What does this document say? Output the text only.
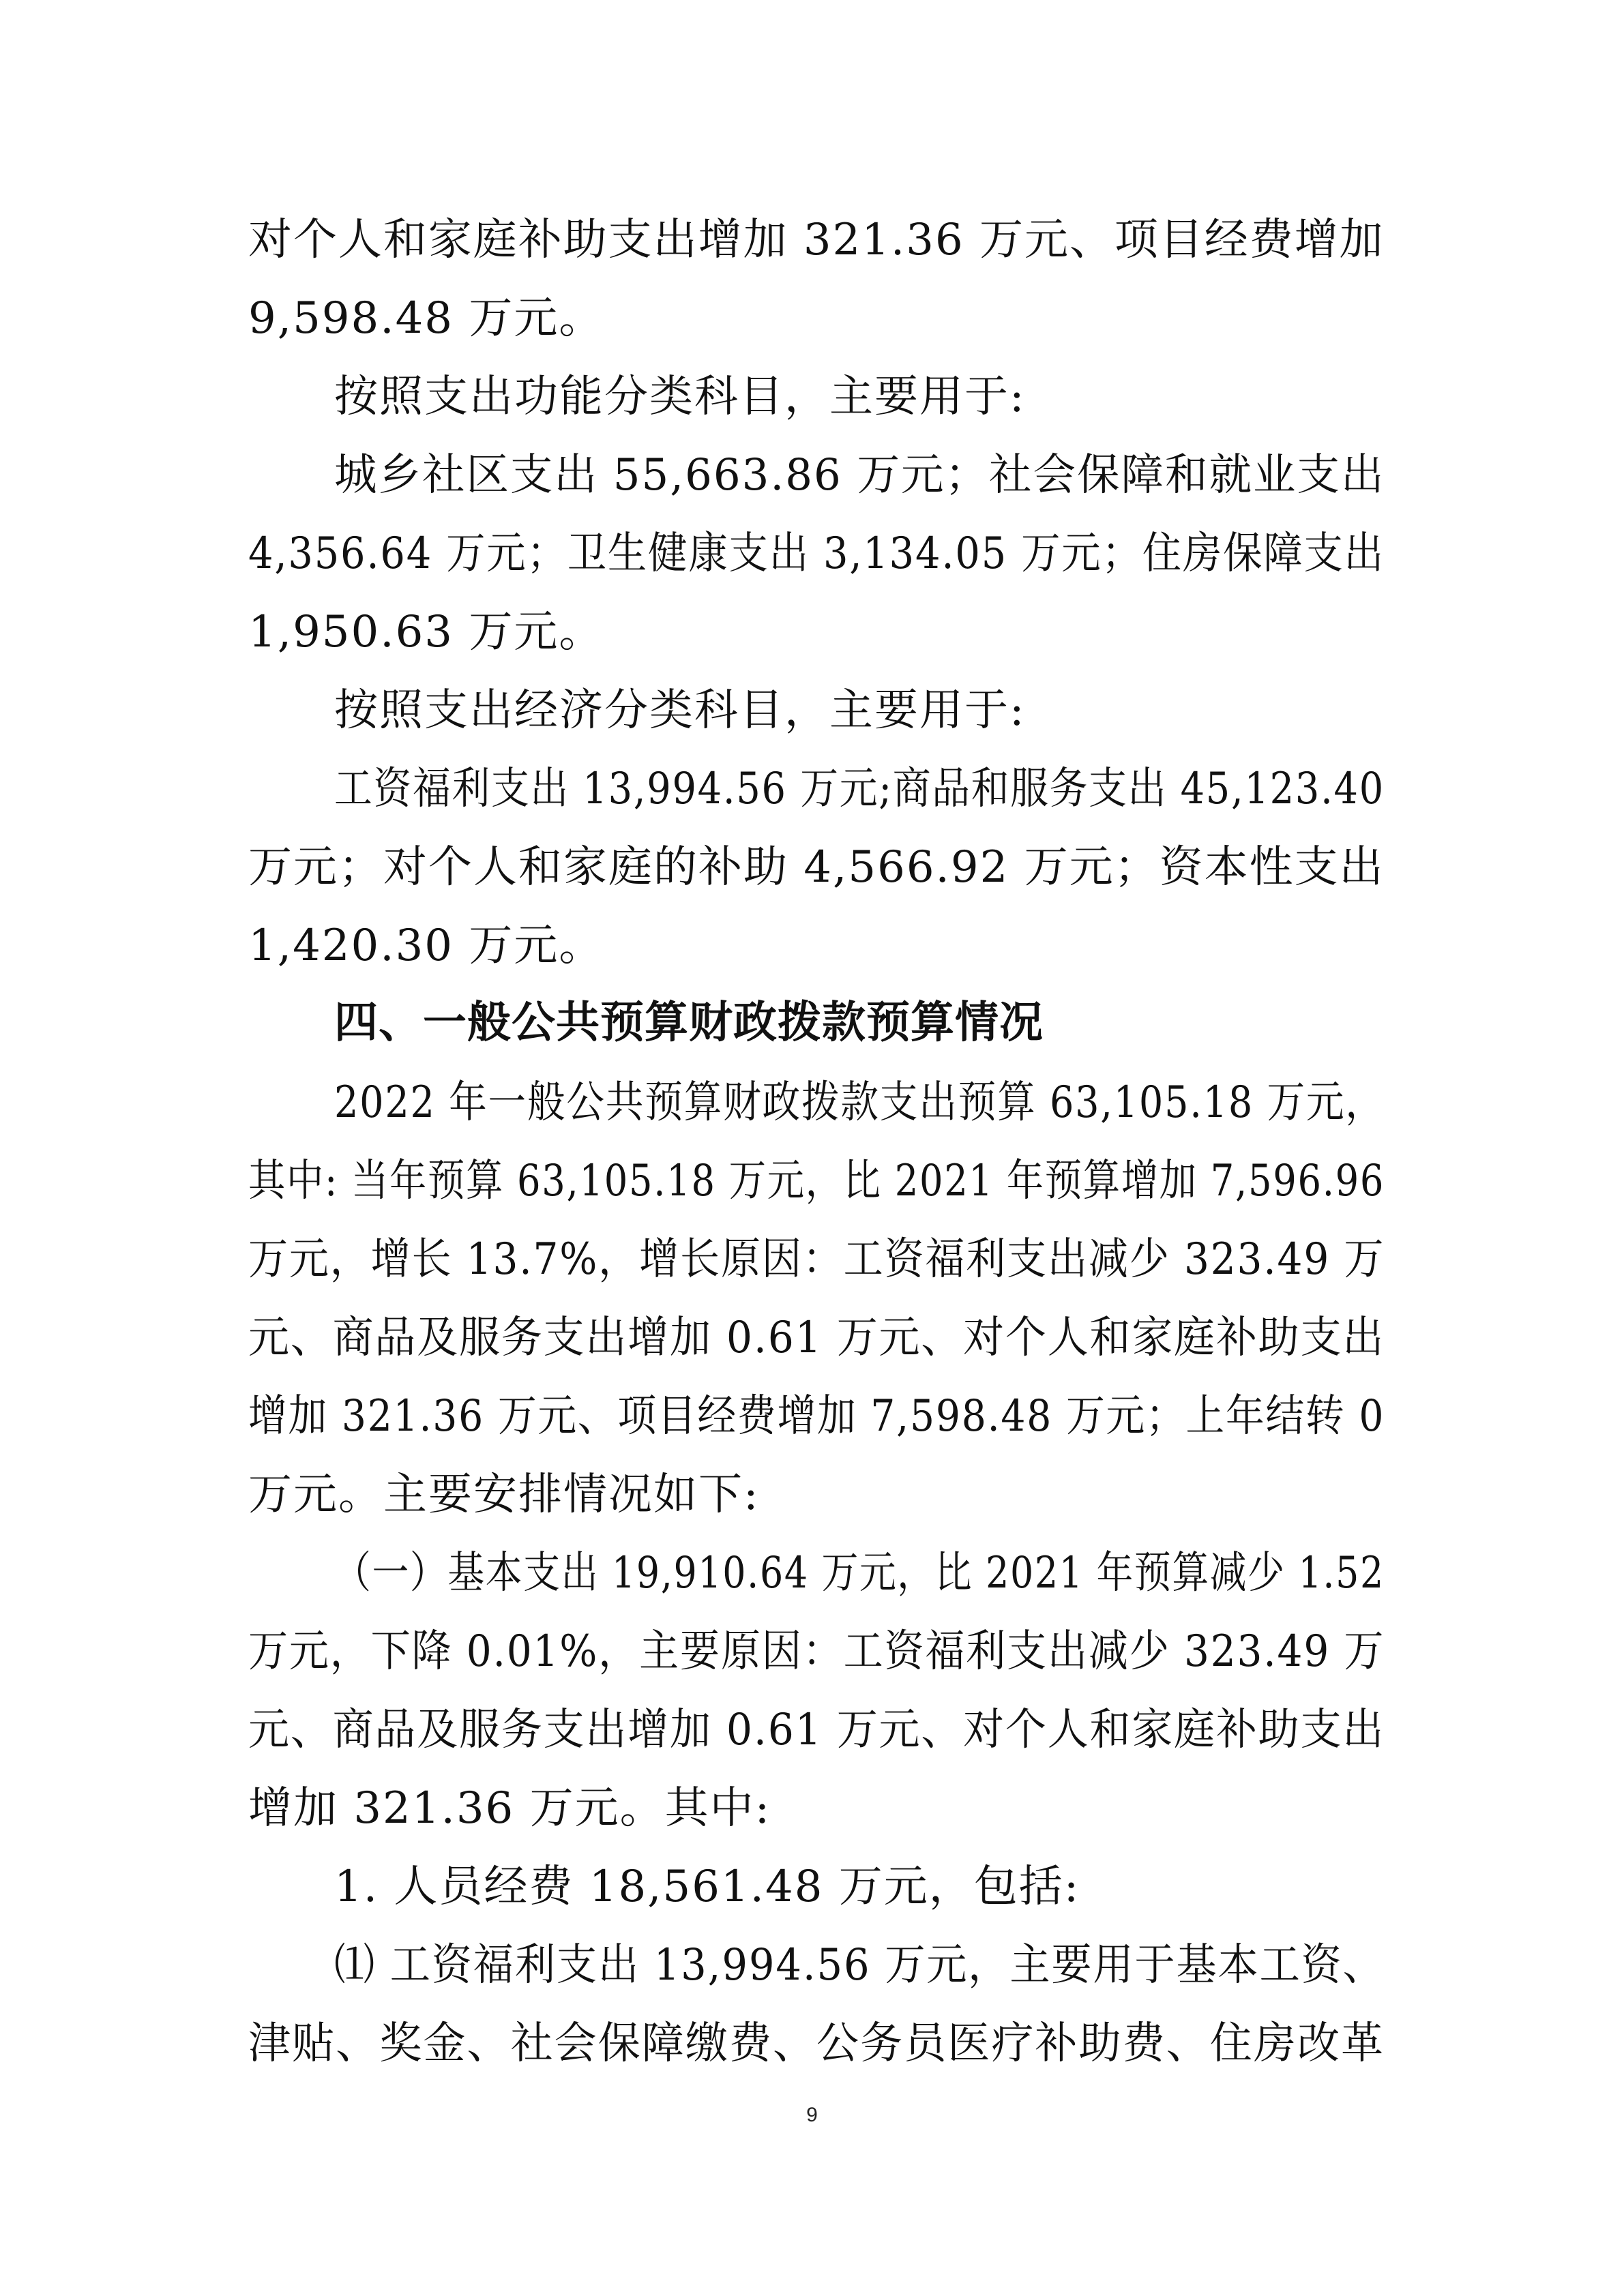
对个人和家庭补助支出增加 321.36 万元、项目经费增加
9,598.48 万元。
按照支出功能分类科目，主要用于:
城乡社区支出 55,663.86 万元；社会保障和就业支出
4,356.64 万元；卫生健康支出 3,134.05 万元；住房保障支出
1,950.63 万元。
按照支出经济分类科目，主要用于:
工资福利支出 13,994.56 万元;商品和服务支出 45,123.40
万元；对个人和家庭的补助 4,566.92 万元；资本性支出
1,420.30 万元。
四、一般公共预算财政拨款预算情况
2022 年一般公共预算财政拨款支出预算 63,105.18 万元，
其中: 当年预算 63,105.18 万元，比 2021 年预算增加 7,596.96
万元，增长 13.7%，增长原因：工资福利支出减少 323.49 万
元、商品及服务支出增加 0.61 万元、对个人和家庭补助支出
增加 321.36 万元、项目经费增加 7,598.48 万元；上年结转 0
万元。主要安排情况如下:
（一）基本支出 19,910.64 万元，比 2021 年预算减少 1.52
万元，下降 0.01%，主要原因：工资福利支出减少 323.49 万
元、商品及服务支出增加 0.61 万元、对个人和家庭补助支出
增加 321.36 万元。其中:
1. 人员经费 18,561.48 万元，包括:
⑴ 工资福利支出 13,994.56 万元，主要用于基本工资、
津贴、奖金、社会保障缴费、公务员医疗补助费、住房改革
9
